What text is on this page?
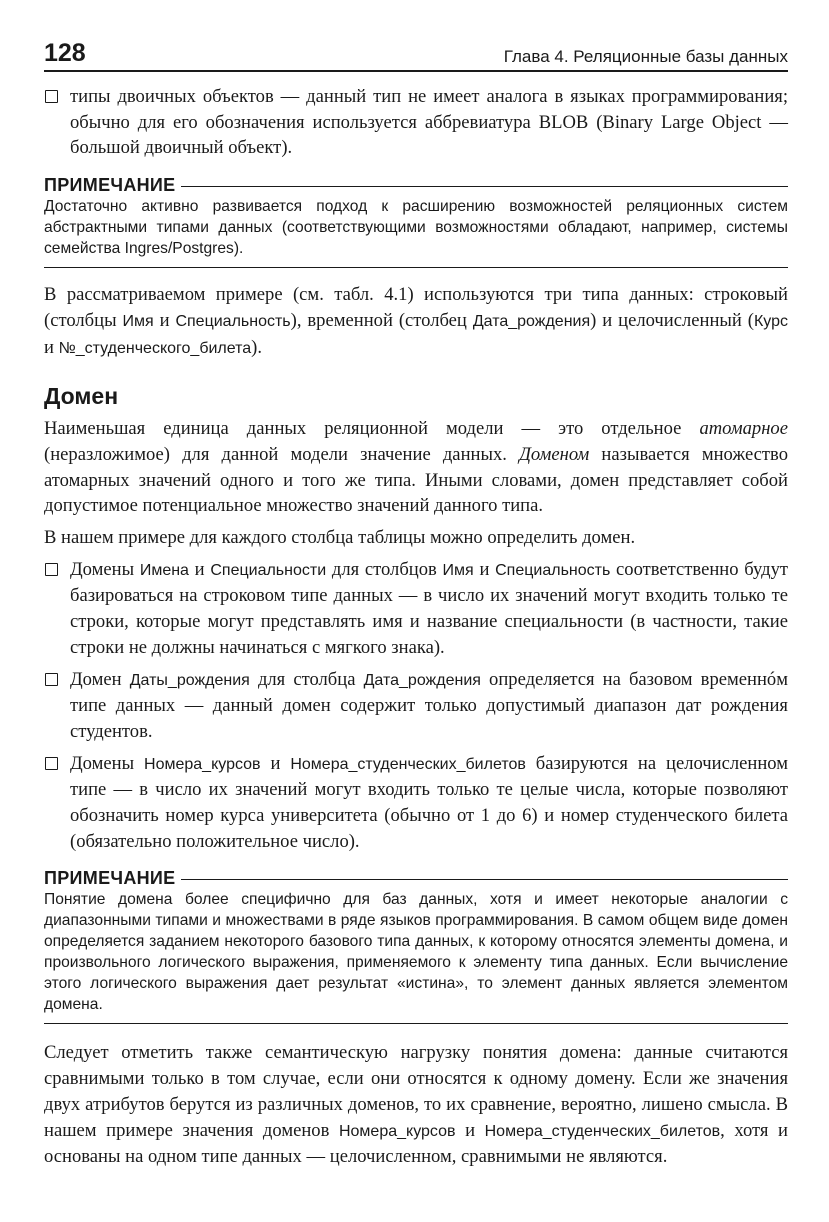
128	Глава 4. Реляционные базы данных
типы двоичных объектов — данный тип не имеет аналога в языках программирования; обычно для его обозначения используется аббревиатура BLOB (Binary Large Object — большой двоичный объект).
ПРИМЕЧАНИЕ
Достаточно активно развивается подход к расширению возможностей реляционных систем абстрактными типами данных (соответствующими возможностями обладают, например, системы семейства Ingres/Postgres).

В рассматриваемом примере (см. табл. 4.1) используются три типа данных: строковый (столбцы Имя и Специальность), временной (столбец Дата_рождения) и целочисленный (Курс и №_студенческого_билета).

Домен

Наименьшая единица данных реляционной модели — это отдельное атомарное (неразложимое) для данной модели значение данных. Доменом называется множество атомарных значений одного и того же типа. Иными словами, домен представляет собой допустимое потенциальное множество значений данного типа.

В нашем примере для каждого столбца таблицы можно определить домен.

Домены Имена и Специальности для столбцов Имя и Специальность соответственно будут базироваться на строковом типе данных — в число их значений могут входить только те строки, которые могут представлять имя и название специальности (в частности, такие строки не должны начинаться с мягкого знака).
Домен Даты_рождения для столбца Дата_рождения определяется на базовом временнóм типе данных — данный домен содержит только допустимый диапазон дат рождения студентов.
Домены Номера_курсов и Номера_студенческих_билетов базируются на целочисленном типе — в число их значений могут входить только те целые числа, которые позволяют обозначить номер курса университета (обычно от 1 до 6) и номер студенческого билета (обязательно положительное число).
ПРИМЕЧАНИЕ
Понятие домена более специфично для баз данных, хотя и имеет некоторые аналогии с диапазонными типами и множествами в ряде языков программирования. В самом общем виде домен определяется заданием некоторого базового типа данных, к которому относятся элементы домена, и произвольного логического выражения, применяемого к элементу типа данных. Если вычисление этого логического выражения дает результат «истина», то элемент данных является элементом домена.

Следует отметить также семантическую нагрузку понятия домена: данные считаются сравнимыми только в том случае, если они относятся к одному домену. Если же значения двух атрибутов берутся из различных доменов, то их сравнение, вероятно, лишено смысла. В нашем примере значения доменов Номера_курсов и Номера_студенческих_билетов, хотя и основаны на одном типе данных — целочисленном, сравнимыми не являются.
